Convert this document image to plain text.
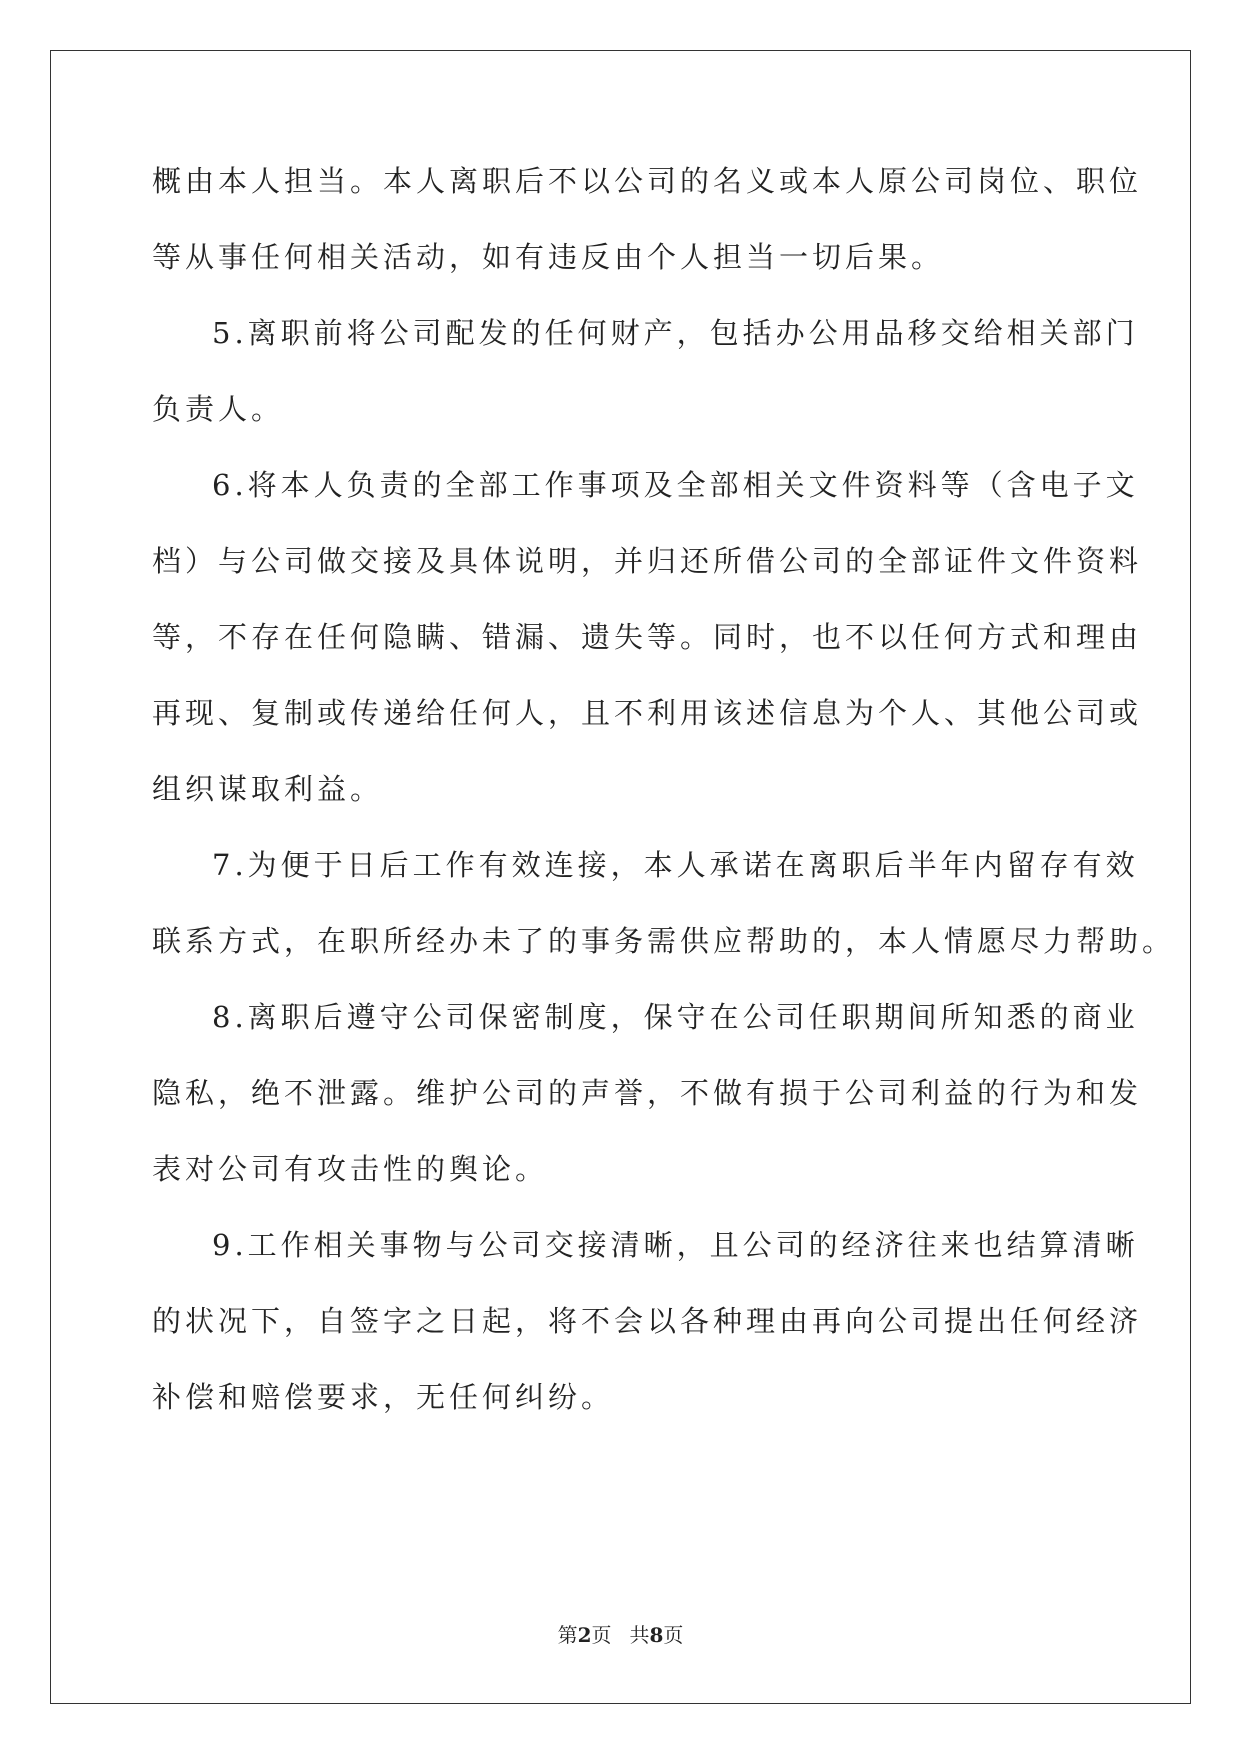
概由本人担当。本人离职后不以公司的名义或本人原公司岗位、职位
等从事任何相关活动，如有违反由个人担当一切后果。
5.离职前将公司配发的任何财产，包括办公用品移交给相关部门
负责人。
6.将本人负责的全部工作事项及全部相关文件资料等（含电子文
档）与公司做交接及具体说明，并归还所借公司的全部证件文件资料
等，不存在任何隐瞒、错漏、遗失等。同时，也不以任何方式和理由
再现、复制或传递给任何人，且不利用该述信息为个人、其他公司或
组织谋取利益。
7.为便于日后工作有效连接，本人承诺在离职后半年内留存有效
联系方式，在职所经办未了的事务需供应帮助的，本人情愿尽力帮助。
8.离职后遵守公司保密制度，保守在公司任职期间所知悉的商业
隐私，绝不泄露。维护公司的声誉，不做有损于公司利益的行为和发
表对公司有攻击性的舆论。
9.工作相关事物与公司交接清晰，且公司的经济往来也结算清晰
的状况下，自签字之日起，将不会以各种理由再向公司提出任何经济
补偿和赔偿要求，无任何纠纷。
第2页 共8页
